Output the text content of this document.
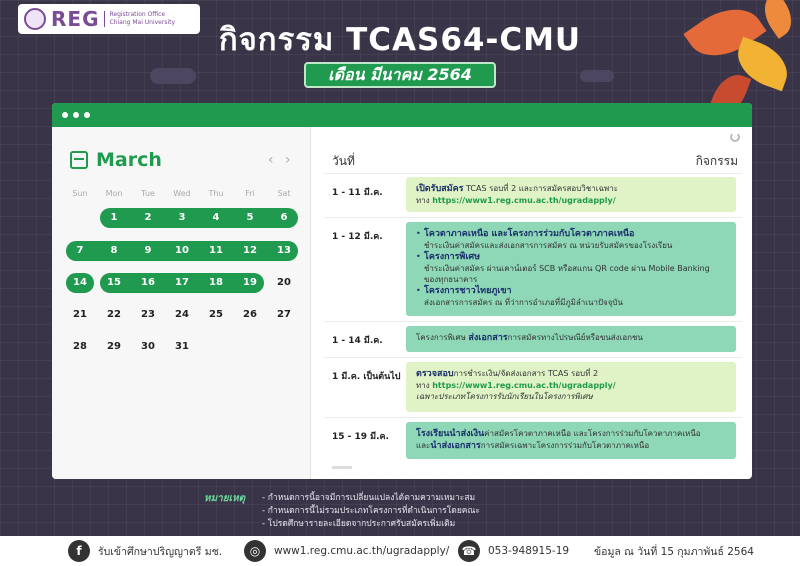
REG Registration Office
Chiang Mai University	กิจกรรม TCAS64-CMU
เดือน มีนาคม 2564
March	‹ ›
Sun	Mon	Tue	Wed	Thu	Fri	Sat
1	2	3	4	5	6
7	8	9	10	11	12	13
14	15	16	17	18	19	20
21	22	23	24	25	26	27
28	29	30	31
วันที่	กิจกรรม
1 - 11 มี.ค.	เปิดรับสมัคร TCAS รอบที่ 2 และการสมัครสอบวิชาเฉพาะ
ทาง https://www1.reg.cmu.ac.th/ugradapply/
1 - 12 มี.ค.
•	โควตาภาคเหนือ และโครงการร่วมกับโควตาภาคเหนือ
ชำระเงินค่าสมัครและส่งเอกสารการสมัคร ณ หน่วยรับสมัครของโรงเรียน
• โครงการพิเศษ
ชำระเงินค่าสมัคร ผ่านเคาน์เตอร์ SCB หรือสแกน QR code ผ่าน Mobile Banking ของทุกธนาคาร
• โครงการชาวไทยภูเขา
ส่งเอกสารการสมัคร ณ ที่ว่าการอำเภอที่มีภูมิลำเนาปัจจุบัน
1 - 14 มี.ค.	โครงการพิเศษ ส่งเอกสารการสมัครทางไปรษณีย์หรือขนส่งเอกชน
1 มี.ค. เป็นต้นไป ตรวจสอบการชำระเงิน/จัดส่งเอกสาร TCAS รอบที่ 2
ทาง https://www1.reg.cmu.ac.th/ugradapply/
เฉพาะประเภทโครงการรับนักเรียนในโครงการพิเศษ
15 - 19 มี.ค.	โรงเรียนนำส่งเงินค่าสมัครโควตาภาคเหนือ และโครงการร่วมกับโควตาภาคเหนือ
และนำส่งเอกสารการสมัครเฉพาะโครงการร่วมกับโควตาภาคเหนือ
หมายเหตุ - กำหนดการนี้อาจมีการเปลี่ยนแปลงได้ตามความเหมาะสม
- กำหนดการนี้ไม่รวมประเภทโครงการที่ดำเนินการโดยคณะ
- โปรดศึกษารายละเอียดจากประกาศรับสมัครเพิ่มเติม
f	รับเข้าศึกษาปริญญาตรี มช.	◎	www1.reg.cmu.ac.th/ugradapply/ ☎	053-948915-19 ข้อมูล ณ วันที่ 15 กุมภาพันธ์ 2564
